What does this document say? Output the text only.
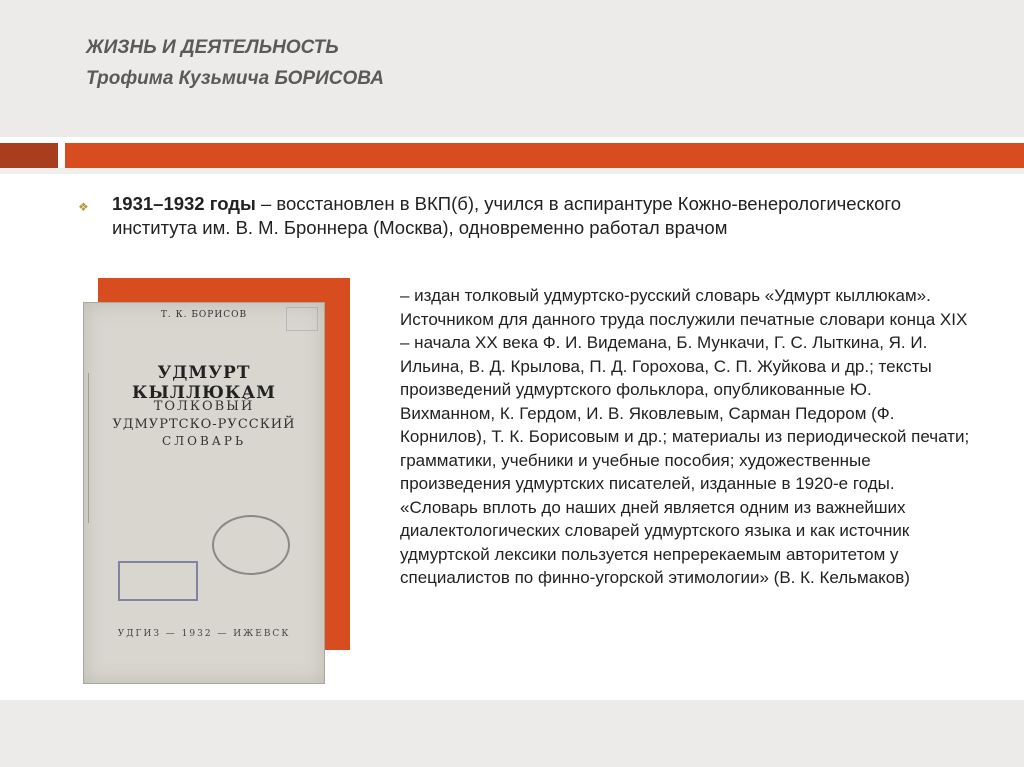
ЖИЗНЬ И ДЕЯТЕЛЬНОСТЬ
Трофима Кузьмича БОРИСОВА
❖ 1931–1932 годы – восстановлен в ВКП(б), учился в аспирантуре Кожно-венерологического института им. В. М. Броннера (Москва), одновременно работал врачом
Т. К. БОРИСОВ
УДМУРТ КЫЛЛЮКАМ
ТОЛКОВЫЙ
УДМУРТСКО-РУССКИЙ
СЛОВАРЬ
УДГИЗ — 1932 — ИЖЕВСК
– издан толковый удмуртско-русский словарь «Удмурт кыллюкам». Источником для данного труда послужили печатные словари конца XIX – начала XX века Ф. И. Видемана, Б. Мункачи, Г. С. Лыткина, Я. И. Ильина, В. Д. Крылова, П. Д. Горохова, С. П. Жуйкова и др.; тексты произведений удмуртского фольклора, опубликованные Ю. Вихманном, К. Гердом, И. В. Яковлевым, Сарман Педором (Ф. Корнилов), Т. К. Борисовым и др.; материалы из периодической печати; грамматики, учебники и учебные пособия; художественные произведения удмуртских писателей, изданные в 1920-е годы. «Словарь вплоть до наших дней является одним из важнейших диалектологических словарей удмуртского языка и как источник удмуртской лексики пользуется непререкаемым авторитетом у специалистов по финно-угорской этимологии» (В. К. Кельмаков)
